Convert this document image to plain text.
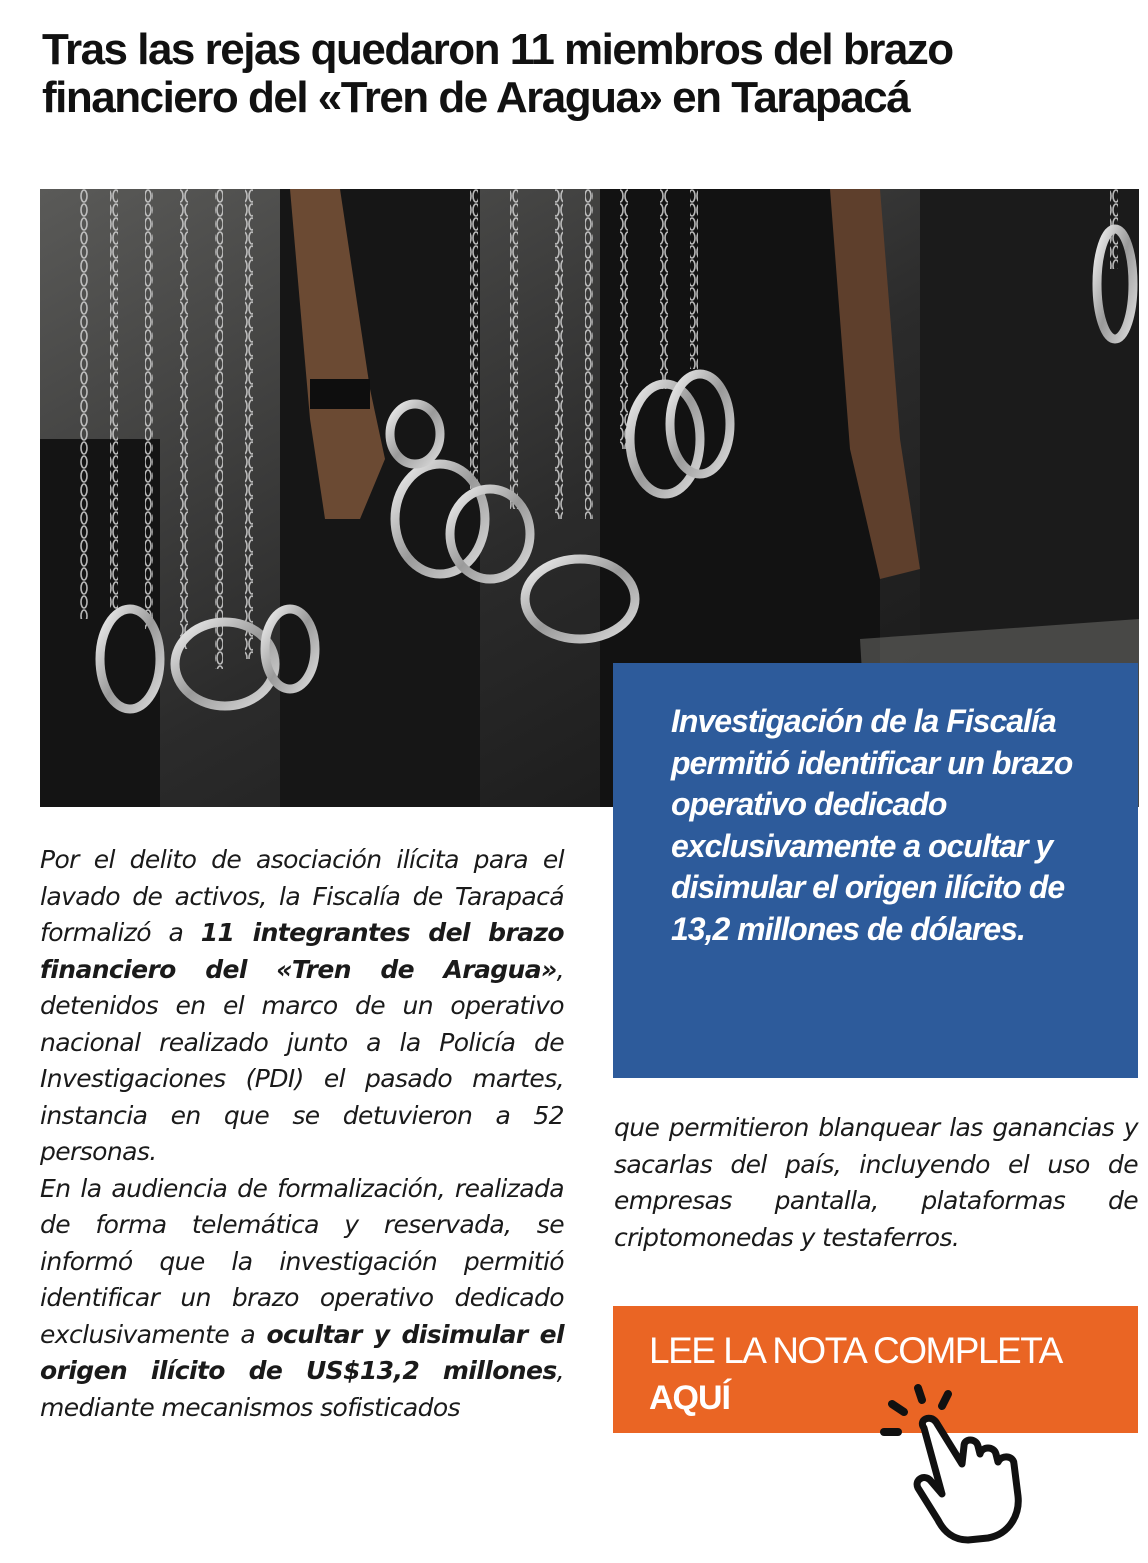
Tras las rejas quedaron 11 miembros del brazo financiero del «Tren de Aragua» en Tarapacá

Investigación de la Fiscalía permitió identificar un brazo operativo dedicado exclusivamente a ocultar y disimular el origen ilícito de 13,2 millones de dólares.

Por el delito de asociación ilícita para el lavado de activos, la Fiscalía de Tarapacá formalizó a 11 integrantes del brazo financiero del «Tren de Aragua», detenidos en el marco de un operativo nacional realizado junto a la Policía de Investigaciones (PDI) el pasado martes, instancia en que se detuvieron a 52 personas.

En la audiencia de formalización, realizada de forma telemática y reservada, se informó que la investigación permitió identificar un brazo operativo dedicado exclusivamente a ocultar y disimular el origen ilícito de US$13,2 millones, mediante mecanismos sofisticados

que permitieron blanquear las ganancias y sacarlas del país, incluyendo el uso de empresas pantalla, plataformas de criptomonedas y testaferros.

LEE LA NOTA COMPLETA
AQUÍ
